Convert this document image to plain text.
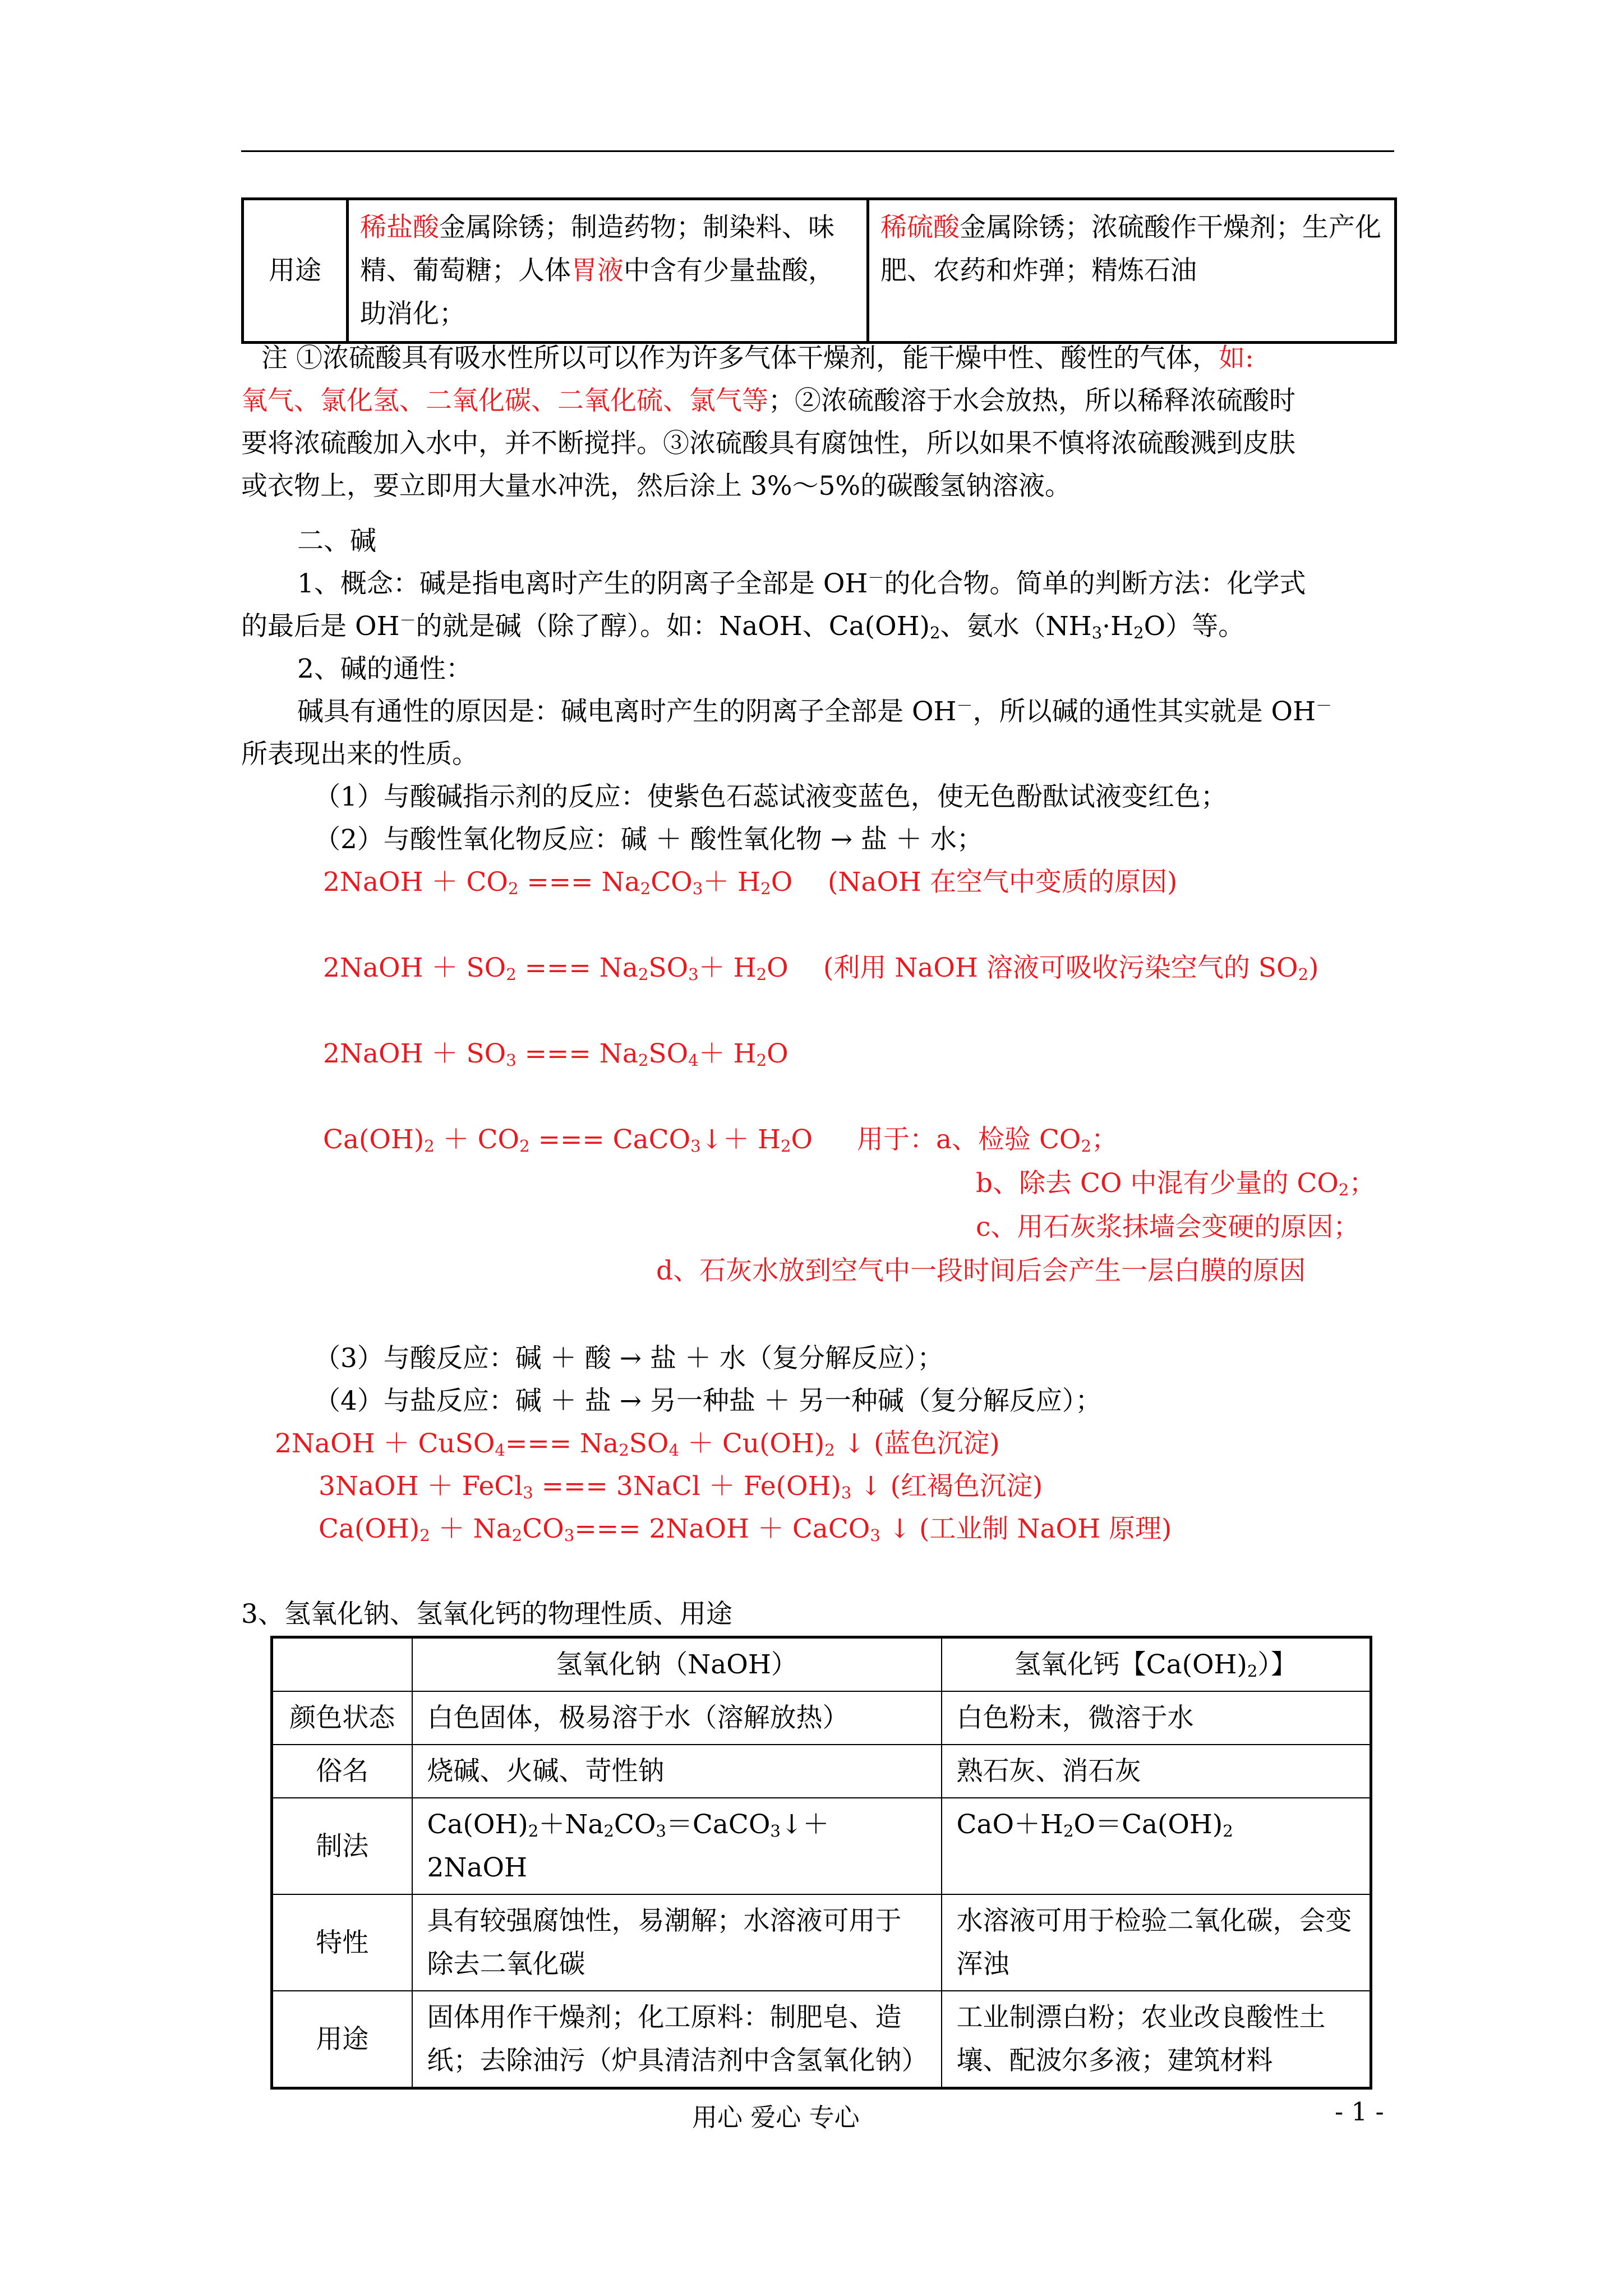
用途	稀盐酸金属除锈；制造药物；制染料、味精、葡萄糖；人体胃液中含有少量盐酸，助消化；	稀硫酸金属除锈；浓硫酸作干燥剂；生产化肥、农药和炸弹；精炼石油
注 ①浓硫酸具有吸水性所以可以作为许多气体干燥剂，能干燥中性、酸性的气体，如:
氧气、氯化氢、二氧化碳、二氧化硫、氯气等；②浓硫酸溶于水会放热，所以稀释浓硫酸时
要将浓硫酸加入水中，并不断搅拌。③浓硫酸具有腐蚀性，所以如果不慎将浓硫酸溅到皮肤
或衣物上，要立即用大量水冲洗，然后涂上 3%～5%的碳酸氢钠溶液。
二、碱
1、概念：碱是指电离时产生的阴离子全部是 OH－的化合物。简单的判断方法：化学式
的最后是 OH－的就是碱（除了醇）。如：NaOH、$Ca(OH)_2$、氨水$(NH_3\cdot H_2O)$等。
2、碱的通性：
碱具有通性的原因是：碱电离时产生的阴离子全部是 OH－，所以碱的通性其实就是 OH－
所表现出来的性质。
（1）与酸碱指示剂的反应：使紫色石蕊试液变蓝色，使无色酚酞试液变红色；
（2）与酸性氧化物反应：碱 ＋ 酸性氧化物 → 盐 ＋ 水；
2NaOH ＋ $CO_2$ === $Na_2CO_3+ H_2O$ (NaOH 在空气中变质的原因)
2NaOH ＋ $SO_2$ === $Na_2SO_3+ H_2O$ (利用 NaOH 溶液可吸收污染空气的 $SO_2$)
2NaOH ＋ $SO_3$ === $Na_2SO_4+ H_2O$
$Ca(OH)_2 + CO_2$ === CaCO$_3$↓＋ $H_2O$ 用于：a、检验 $CO_2$；
b、除去 CO 中混有少量的 $CO_2$；
c、用石灰浆抹墙会变硬的原因；
d、石灰水放到空气中一段时间后会产生一层白膜的原因
（3）与酸反应：碱 ＋ 酸 → 盐 ＋ 水（复分解反应）；
（4）与盐反应：碱 ＋ 盐 → 另一种盐 ＋ 另一种碱（复分解反应）；
2NaOH ＋ CuSO$_4$=== $Na_2SO_4 + Cu(OH)_2$ ↓ (蓝色沉淀)
3NaOH ＋ FeCl$_3$ === 3NaCl ＋ $Fe(OH)_3$ ↓ (红褐色沉淀)
$Ca(OH)_2 + Na_2CO_3===$ 2NaOH ＋ CaCO$_3$ ↓ (工业制 NaOH 原理)
3、氢氧化钠、氢氧化钙的物理性质、用途
	氢氧化钠（NaOH）	氢氧化钙【$Ca(OH)_2$）】
颜色状态	白色固体，极易溶于水（溶解放热）	白色粉末，微溶于水
俗名	烧碱、火碱、苛性钠	熟石灰、消石灰
制法	$Ca(OH)_2+Na_2CO_3=CaCO_3↓+2NaOH$	$CaO+H_2O=Ca(OH)_2$
特性	具有较强腐蚀性，易潮解；水溶液可用于除去二氧化碳	水溶液可用于检验二氧化碳，会变浑浊
用途	固体用作干燥剂；化工原料：制肥皂、造纸；去除油污（炉具清洁剂中含氢氧化钠）	工业制漂白粉；农业改良酸性土壤、配波尔多液；建筑材料
用心 爱心 专心	- 1 -
